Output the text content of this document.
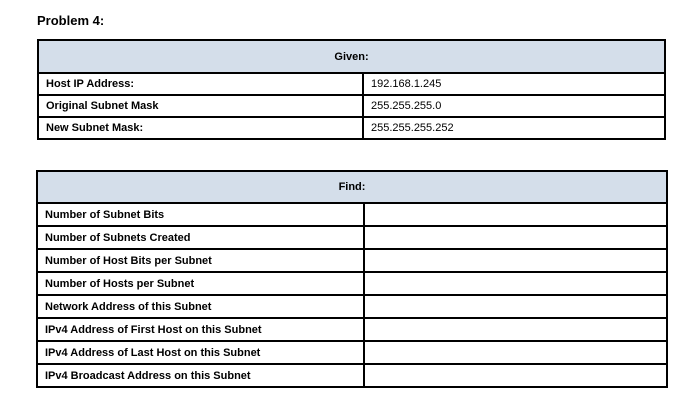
Problem 4:
Given:	
Host IP Address:	192.168.1.245
Original Subnet Mask	255.255.255.0
New Subnet Mask:	255.255.255.252
Find:	
Number of Subnet Bits	
Number of Subnets Created	
Number of Host Bits per Subnet	
Number of Hosts per Subnet	
Network Address of this Subnet	
IPv4 Address of First Host on this Subnet	
IPv4 Address of Last Host on this Subnet	
IPv4 Broadcast Address on this Subnet	
